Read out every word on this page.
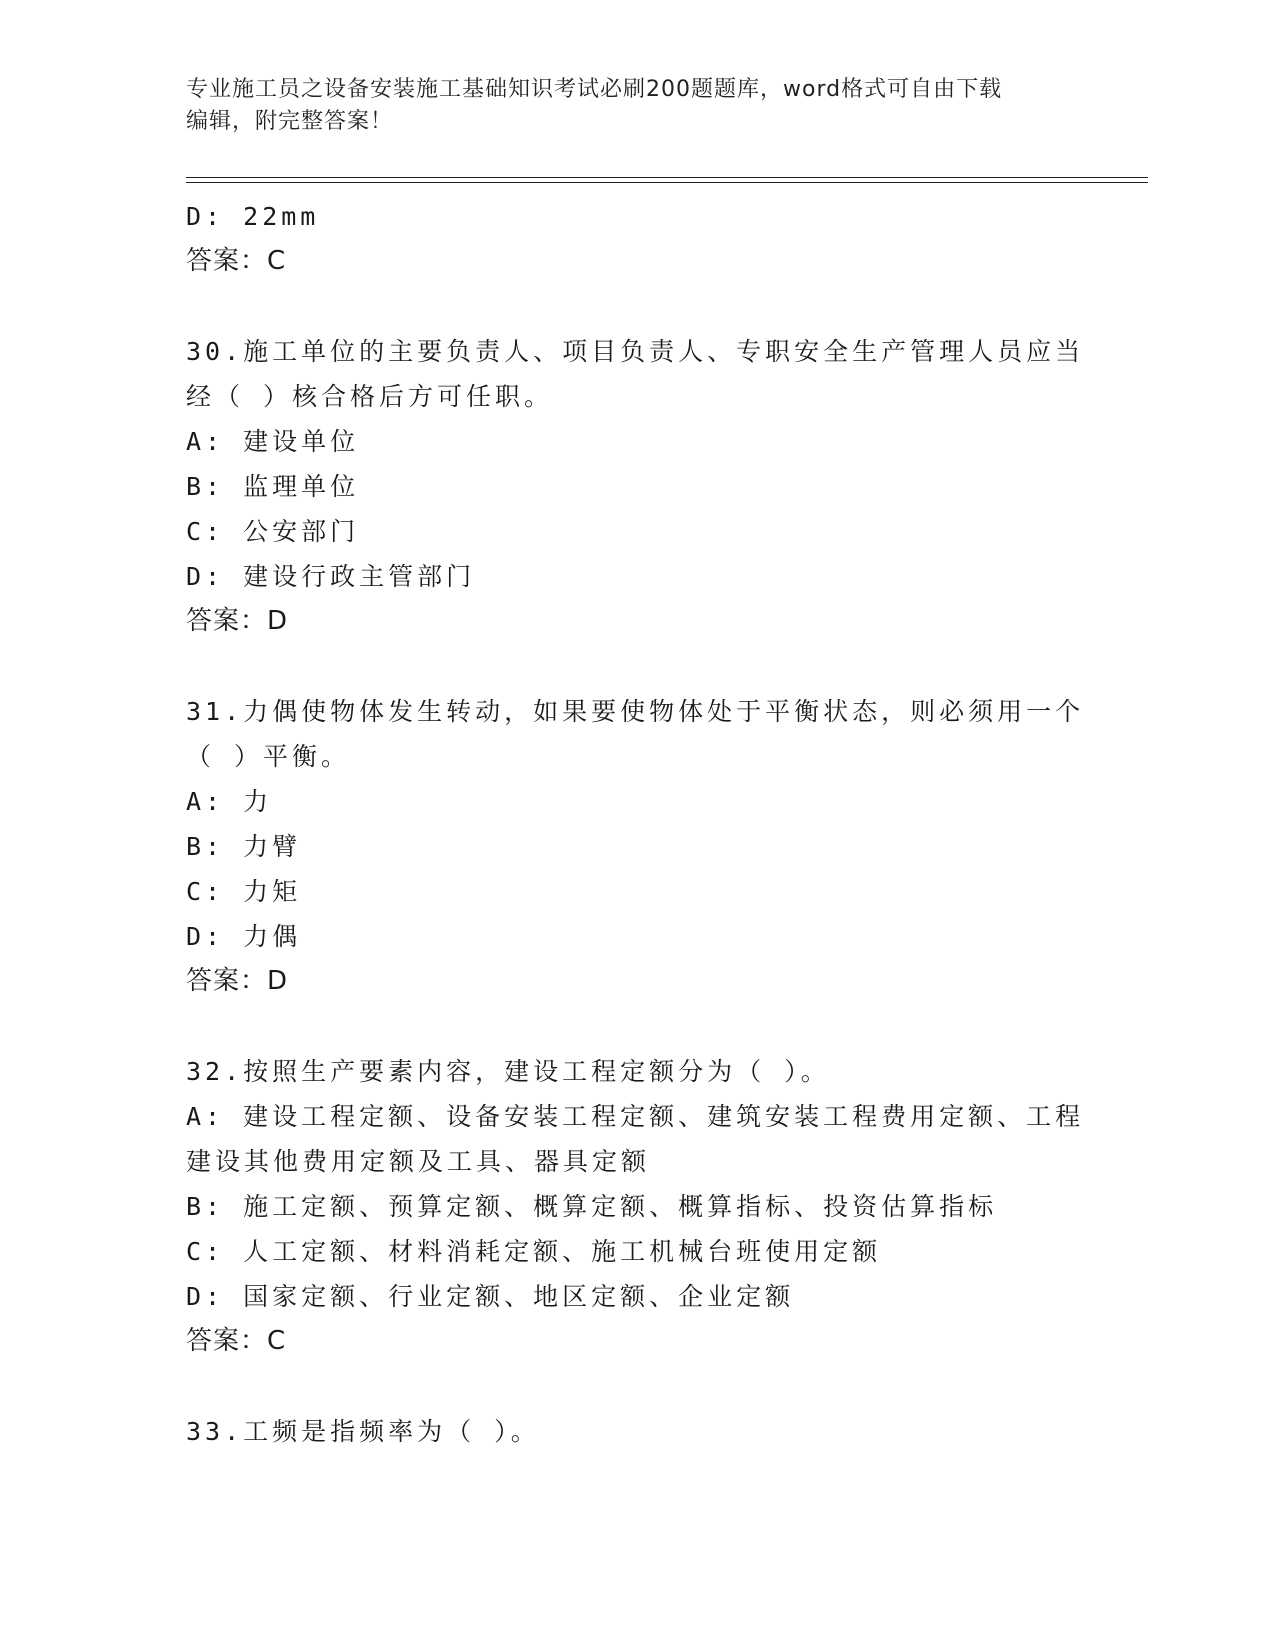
专业施工员之设备安装施工基础知识考试必刷200题题库，word格式可自由下载
编辑，附完整答案！
D: 22mm
答案：C
30.施工单位的主要负责人、项目负责人、专职安全生产管理人员应当
经（ ）核合格后方可任职。
A: 建设单位
B: 监理单位
C: 公安部门
D: 建设行政主管部门
答案：D
31.力偶使物体发生转动，如果要使物体处于平衡状态，则必须用一个
（ ）平衡。
A: 力
B: 力臂
C: 力矩
D: 力偶
答案：D
32.按照生产要素内容，建设工程定额分为（ ）。
A: 建设工程定额、设备安装工程定额、建筑安装工程费用定额、工程
建设其他费用定额及工具、器具定额
B: 施工定额、预算定额、概算定额、概算指标、投资估算指标
C: 人工定额、材料消耗定额、施工机械台班使用定额
D: 国家定额、行业定额、地区定额、企业定额
答案：C
33.工频是指频率为（ ）。
